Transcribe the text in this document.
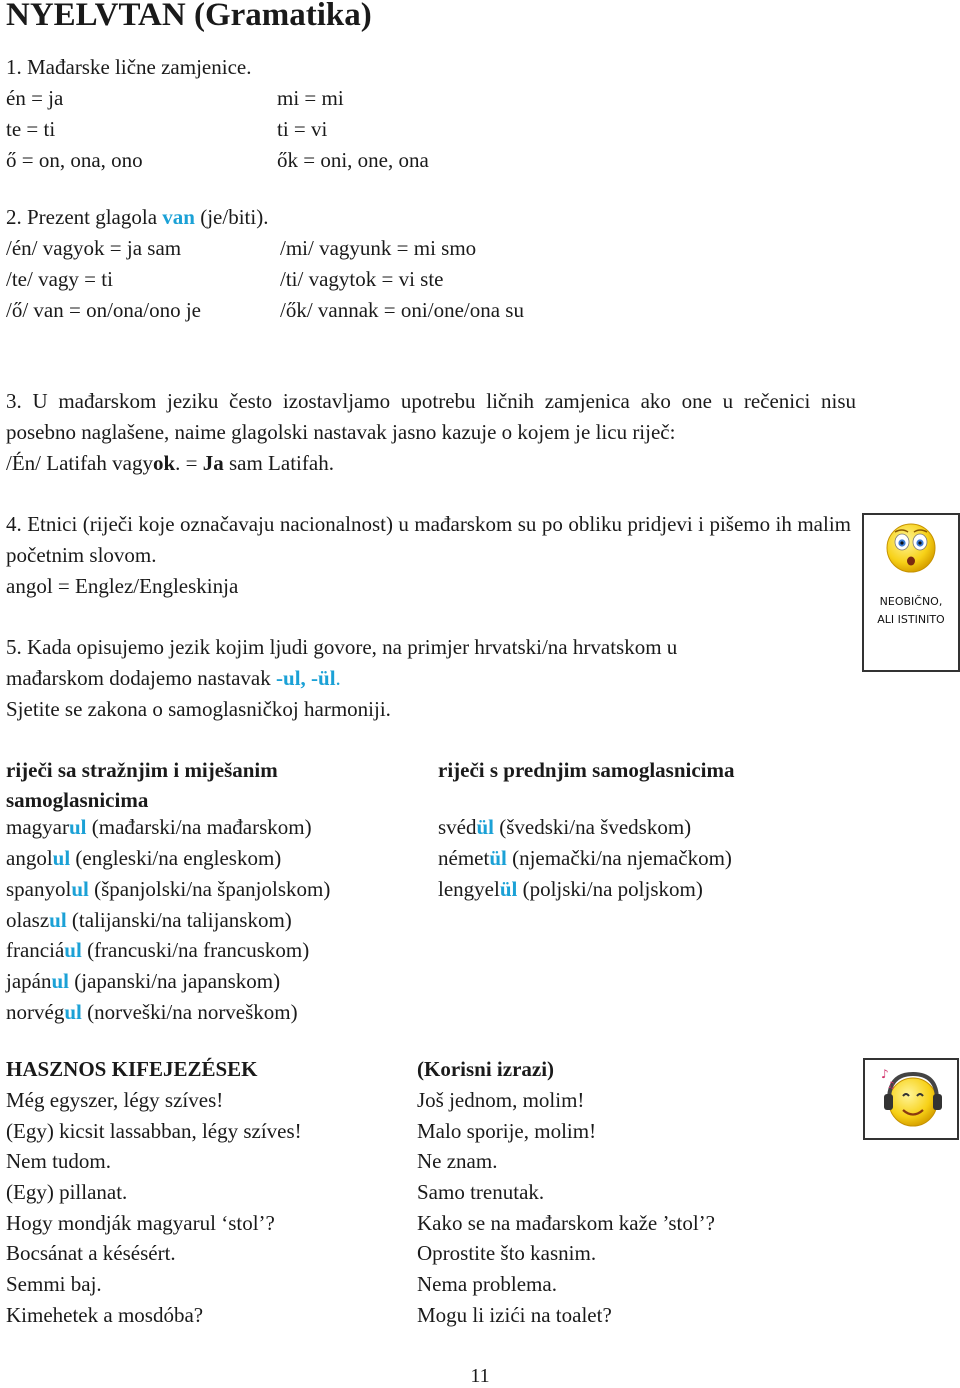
NYELVTAN (Gramatika)
1. Mađarske lične zamjenice.
én = ja	mi = mi
te = ti	ti = vi
ő = on, ona, ono	ők = oni, one, ona
2. Prezent glagola van (je/biti).
/én/ vagyok = ja sam	/mi/ vagyunk = mi smo
/te/ vagy = ti	/ti/ vagytok = vi ste
/ő/ van = on/ona/ono je	/ők/ vannak = oni/one/ona su
3. U mađarskom jeziku često izostavljamo upotrebu ličnih zamjenica ako one u rečenici nisu posebno naglašene, naime glagolski nastavak jasno kazuje o kojem je licu riječ:
/Én/ Latifah vagyok. = Ja sam Latifah.
4. Etnici (riječi koje označavaju nacionalnost) u mađarskom su po obliku pridjevi i pišemo ih malim početnim slovom.
angol = Englez/Engleskinja
5. Kada opisujemo jezik kojim ljudi govore, na primjer hrvatski/na hrvatskom u
mađarskom dodajemo nastavak -ul, -ül.
Sjetite se zakona o samoglasničkoj harmoniji.
NEOBIČNO,
ALI ISTINITO
riječi sa stražnjim i miješanim samoglasnicima
riječi s prednjim samoglasnicima
magyarul (mađarski/na mađarskom)
angolul (engleski/na engleskom)
spanyolul (španjolski/na španjolskom)
olaszul (talijanski/na talijanskom)
franciául (francuski/na francuskom)
japánul (japanski/na japanskom)
norvégul (norveški/na norveškom)
svédül (švedski/na švedskom)
németül (njemački/na njemačkom)
lengyelül (poljski/na poljskom)
HASZNOS KIFEJEZÉSEK	(Korisni izrazi)
Még egyszer, légy szíves!	Još jednom, molim!
(Egy) kicsit lassabban, légy szíves!	Malo sporije, molim!
Nem tudom.	Ne znam.
(Egy) pillanat.	Samo trenutak.
Hogy mondják magyarul ‘stol’?	Kako se na mađarskom kaže ’stol’?
Bocsánat a késésért.	Oprostite što kasnim.
Semmi baj.	Nema problema.
Kimehetek a mosdóba?	Mogu li izići na toalet?
♪
♫
11
